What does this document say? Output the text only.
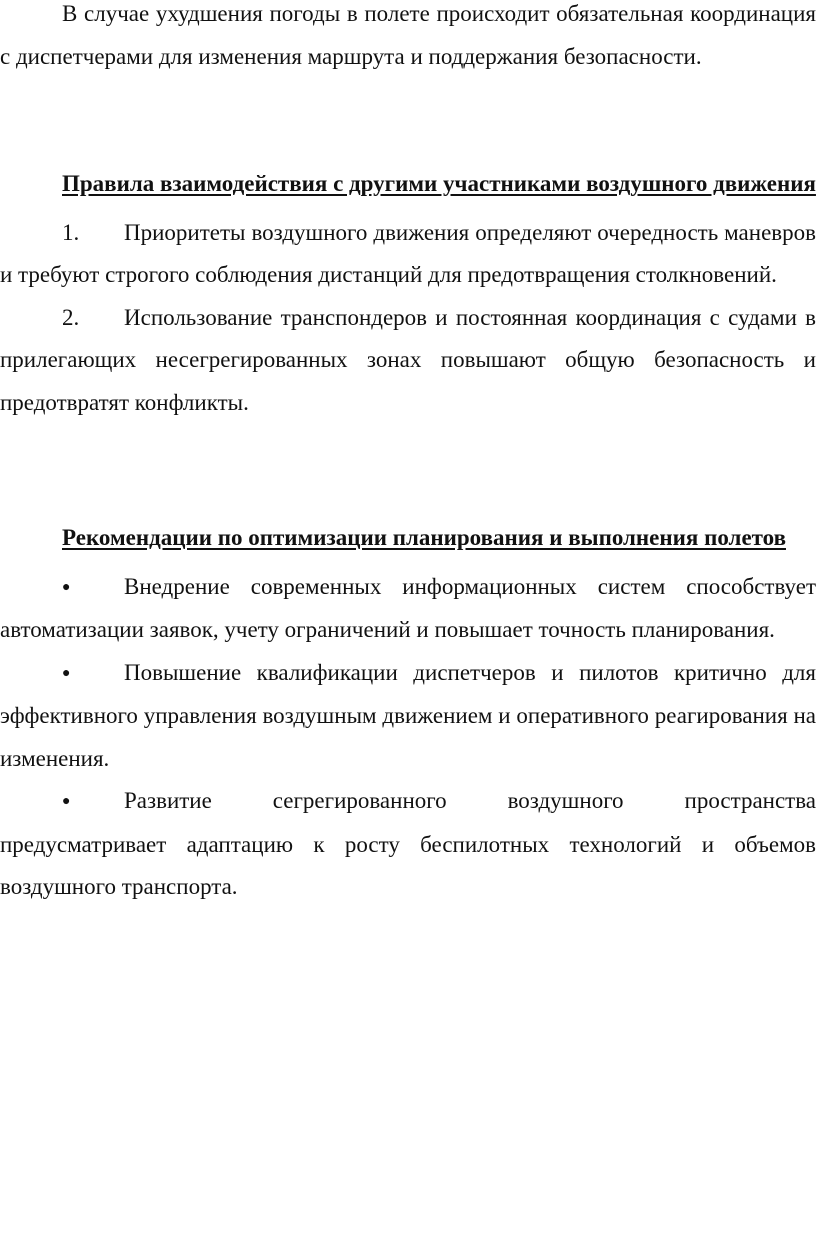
В случае ухудшения погоды в полете происходит обязательная координация с диспетчерами для изменения маршрута и поддержания безопасности.

Правила взаимодействия с другими участниками воздушного движения

1. Приоритеты воздушного движения определяют очередность маневров и требуют строгого соблюдения дистанций для предотвращения столкновений.

2. Использование транспондеров и постоянная координация с судами в прилегающих несегрегированных зонах повышают общую безопасность и предотвратят конфликты.

Рекомендации по оптимизации планирования и выполнения полетов

● Внедрение современных информационных систем способствует автоматизации заявок, учету ограничений и повышает точность планирования.

● Повышение квалификации диспетчеров и пилотов критично для эффективного управления воздушным движением и оперативного реагирования на изменения.

● Развитие сегрегированного воздушного пространства предусматривает адаптацию к росту беспилотных технологий и объемов воздушного транспорта.
